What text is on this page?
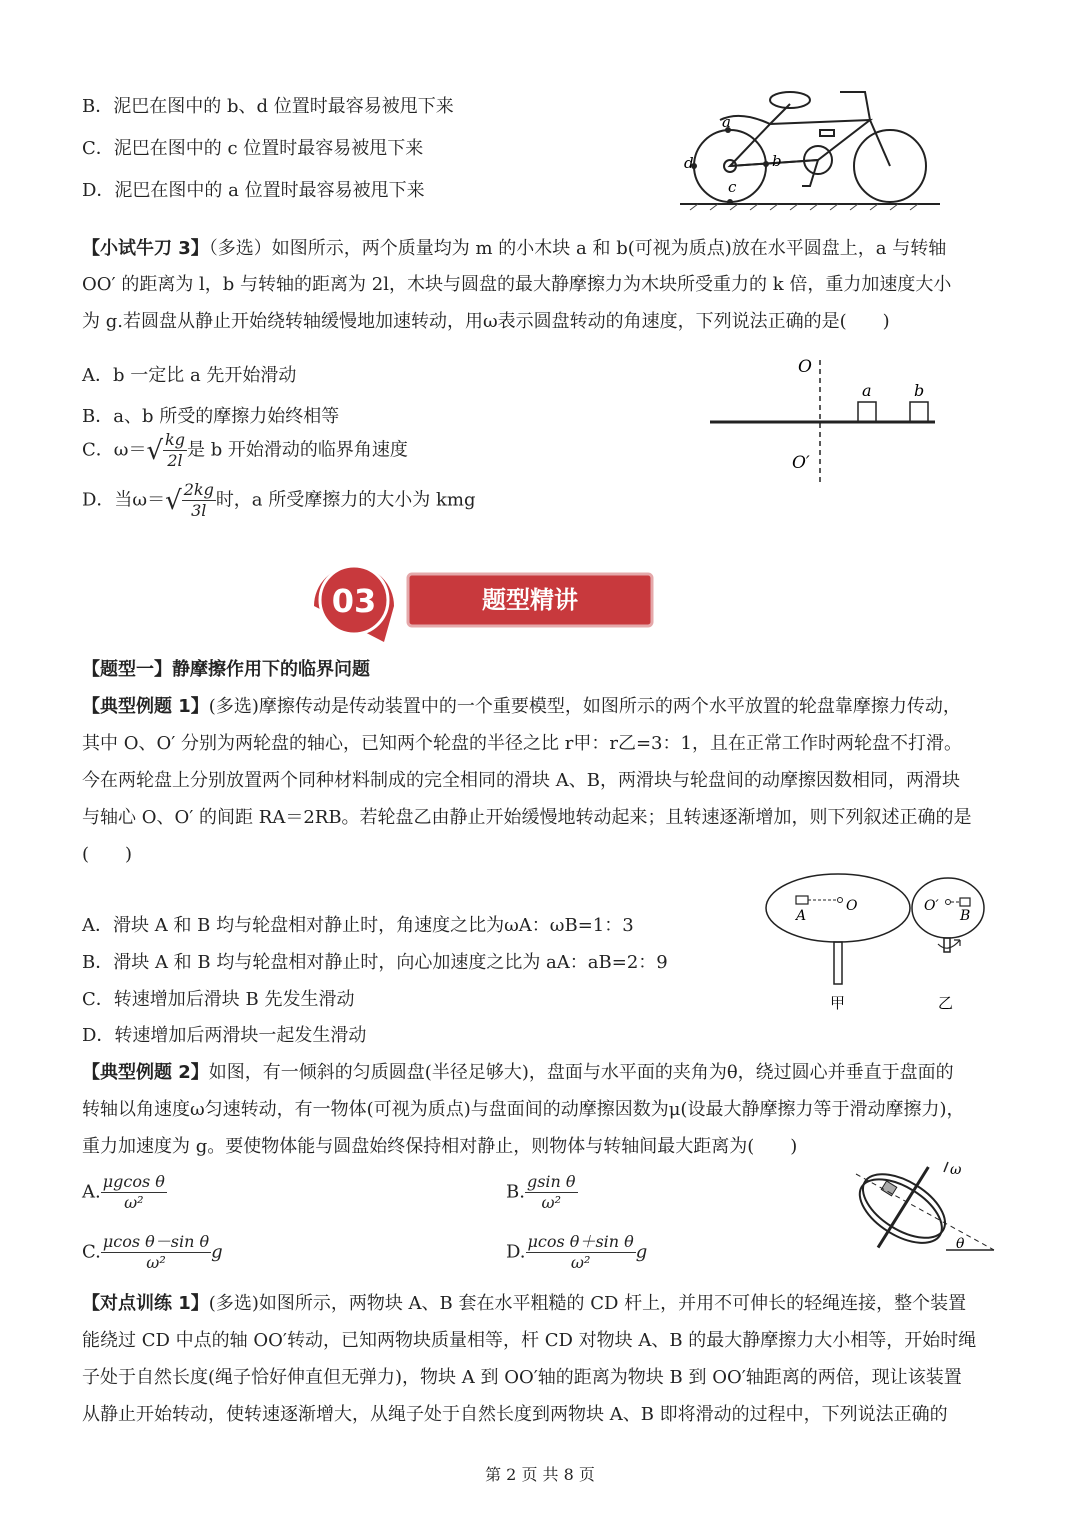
B．泥巴在图中的 b、d 位置时最容易被甩下来
C．泥巴在图中的 c 位置时最容易被甩下来
D．泥巴在图中的 a 位置时最容易被甩下来
a
b
c
d
【小试牛刀 3】（多选）如图所示，两个质量均为 m 的小木块 a 和 b(可视为质点)放在水平圆盘上，a 与转轴
OO′ 的距离为 l，b 与转轴的距离为 2l，木块与圆盘的最大静摩擦力为木块所受重力的 k 倍，重力加速度大小
为 g.若圆盘从静止开始绕转轴缓慢地加速转动，用ω表示圆盘转动的角速度，下列说法正确的是(　　)
A．b 一定比 a 先开始滑动
B．a、b 所受的摩擦力始终相等
C．$\omega=√ \frac{kg}{2l}$ 是 b 开始滑动的临界角速度
D．当$\omega=√ \frac{2kg}{3l}$ 时，a 所受摩擦力的大小为 kmg
O
O′
a	b
03	题型精讲
【题型一】静摩擦作用下的临界问题
【典型例题 1】(多选)摩擦传动是传动装置中的一个重要模型，如图所示的两个水平放置的轮盘靠摩擦力传动，
其中 O、O′ 分别为两轮盘的轴心，已知两个轮盘的半径之比 r甲：r乙=3：1，且在正常工作时两轮盘不打滑。
今在两轮盘上分别放置两个同种材料制成的完全相同的滑块 A、B，两滑块与轮盘间的动摩擦因数相同，两滑块
与轴心 O、O′ 的间距 RA＝2RB。若轮盘乙由静止开始缓慢地转动起来；且转速逐渐增加，则下列叙述正确的是
(　　)
A．滑块 A 和 B 均与轮盘相对静止时，角速度之比为ωA：ωB=1：3
B．滑块 A 和 B 均与轮盘相对静止时，向心加速度之比为 aA：aB=2：9
C．转速增加后滑块 B 先发生滑动
D．转速增加后两滑块一起发生滑动
A
O	O′
B
甲	乙
【典型例题 2】如图，有一倾斜的匀质圆盘(半径足够大)，盘面与水平面的夹角为θ，绕过圆心并垂直于盘面的
转轴以角速度ω匀速转动，有一物体(可视为质点)与盘面间的动摩擦因数为μ(设最大静摩擦力等于滑动摩擦力)，
重力加速度为 g。要使物体能与圆盘始终保持相对静止，则物体与转轴间最大距离为(　　)
A. $\frac{\text{μgcos θ}}{\text{ω²}}$	B. $\frac{\text{gsin θ}}{\text{ω²}}$
C. $\frac{\text{μcos θ－sin θ}}{\text{ω²}}$ g	D. $\frac{\text{μcos θ＋sin θ}}{\text{ω²}}$ g
ω
θ
【对点训练 1】(多选)如图所示，两物块 A、B 套在水平粗糙的 CD 杆上，并用不可伸长的轻绳连接，整个装置
能绕过 CD 中点的轴 OO′转动，已知两物块质量相等，杆 CD 对物块 A、B 的最大静摩擦力大小相等，开始时绳
子处于自然长度(绳子恰好伸直但无弹力)，物块 A 到 OO′轴的距离为物块 B 到 OO′轴距离的两倍，现让该装置
从静止开始转动，使转速逐渐增大，从绳子处于自然长度到两物块 A、B 即将滑动的过程中，下列说法正确的
第 2 页 共 8 页
